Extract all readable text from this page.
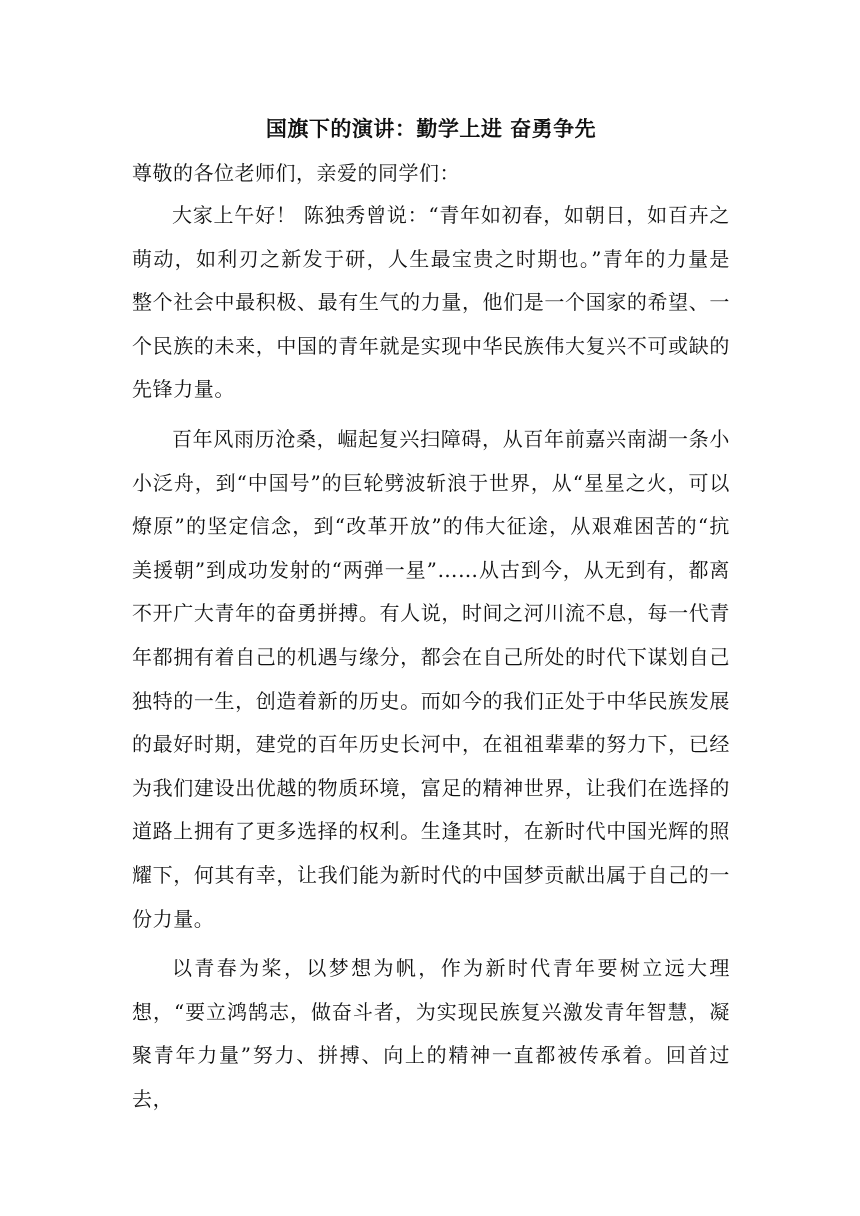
国旗下的演讲：勤学上进 奋勇争先

尊敬的各位老师们，亲爱的同学们：

大家上午好！ 陈独秀曾说：“青年如初春，如朝日，如百卉之萌动，如利刃之新发于研，人生最宝贵之时期也。”青年的力量是整个社会中最积极、最有生气的力量，他们是一个国家的希望、一个民族的未来，中国的青年就是实现中华民族伟大复兴不可或缺的先锋力量。

百年风雨历沧桑，崛起复兴扫障碍，从百年前嘉兴南湖一条小小泛舟，到“中国号”的巨轮劈波斩浪于世界，从“星星之火，可以燎原”的坚定信念，到“改革开放”的伟大征途，从艰难困苦的“抗美援朝”到成功发射的“两弹一星”……从古到今，从无到有，都离不开广大青年的奋勇拼搏。有人说，时间之河川流不息，每一代青年都拥有着自己的机遇与缘分，都会在自己所处的时代下谋划自己独特的一生，创造着新的历史。而如今的我们正处于中华民族发展的最好时期，建党的百年历史长河中，在祖祖辈辈的努力下，已经为我们建设出优越的物质环境，富足的精神世界，让我们在选择的道路上拥有了更多选择的权利。生逢其时，在新时代中国光辉的照耀下，何其有幸，让我们能为新时代的中国梦贡献出属于自己的一份力量。

以青春为桨，以梦想为帆，作为新时代青年要树立远大理想，“要立鸿鹄志，做奋斗者，为实现民族复兴激发青年智慧，凝聚青年力量”努力、拼搏、向上的精神一直都被传承着。回首过去，
